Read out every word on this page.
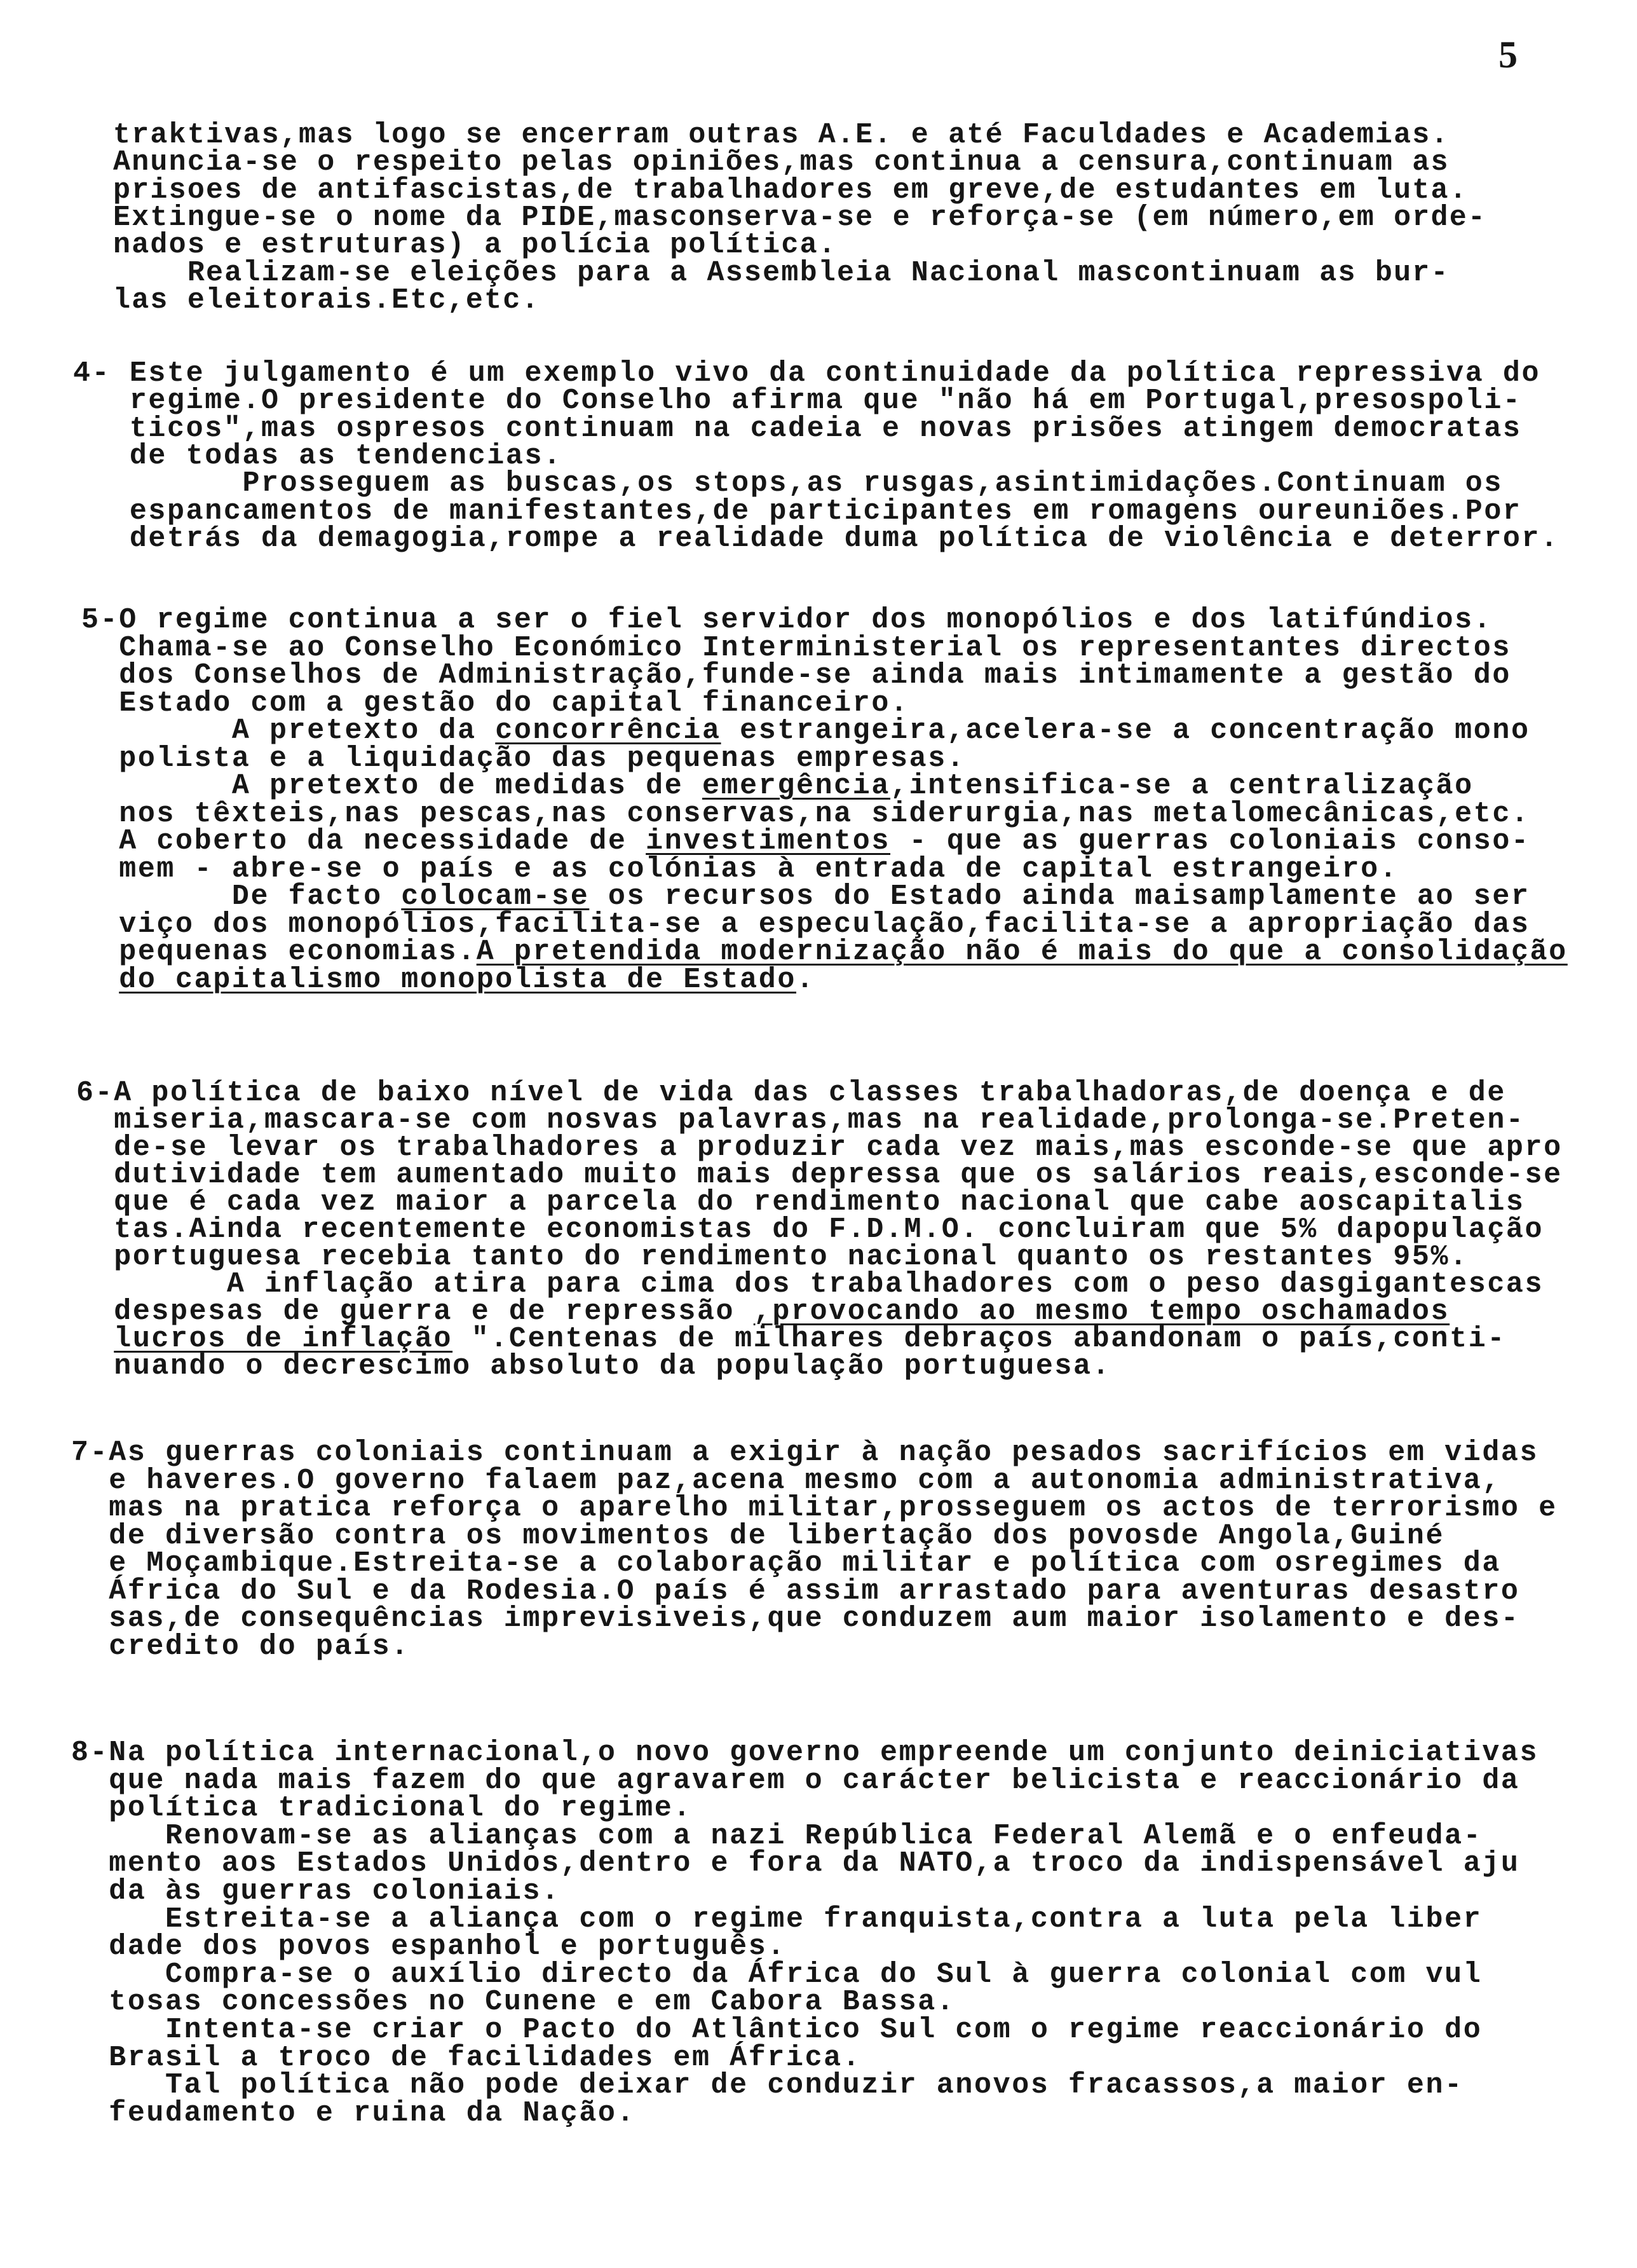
5
traktivas,mas logo se encerram outras A.E. e até Faculdades e Academias.
Anuncia-se o respeito pelas opiniões,mas continua a censura,continuam as
prisoes de antifascistas,de trabalhadores em greve,de estudantes em luta.
Extingue-se o nome da PIDE,masconserva-se e reforça-se (em número,em orde-
nados e estruturas) a polícia política.
Realizam-se eleições para a Assembleia Nacional mascontinuam as bur-
las eleitorais.Etc,etc.
4- Este julgamento é um exemplo vivo da continuidade da política repressiva do
regime.O presidente do Conselho afirma que "não há em Portugal,presospoli-
ticos",mas ospresos continuam na cadeia e novas prisões atingem democratas
de todas as tendencias.
Prosseguem as buscas,os stops,as rusgas,asintimidações.Continuam os
espancamentos de manifestantes,de participantes em romagens oureuniões.Por
detrás da demagogia,rompe a realidade duma política de violência e deterror.
5-O regime continua a ser o fiel servidor dos monopólios e dos latifúndios.
Chama-se ao Conselho Económico Interministerial os representantes directos
dos Conselhos de Administração,funde-se ainda mais intimamente a gestão do
Estado com a gestão do capital financeiro.
A pretexto da concorrência estrangeira,acelera-se a concentração mono
polista e a liquidação das pequenas empresas.
A pretexto de medidas de emergência,intensifica-se a centralização
nos têxteis,nas pescas,nas conservas,na siderurgia,nas metalomecânicas,etc.
A coberto da necessidade de investimentos - que as guerras coloniais conso-
mem - abre-se o país e as colónias à entrada de capital estrangeiro.
De facto colocam-se os recursos do Estado ainda maisamplamente ao ser
viço dos monopólios,facilita-se a especulação,facilita-se a apropriação das
pequenas economias.A pretendida modernização não é mais do que a consolidação
do capitalismo monopolista de Estado.
6-A política de baixo nível de vida das classes trabalhadoras,de doença e de
miseria,mascara-se com nosvas palavras,mas na realidade,prolonga-se.Preten-
de-se levar os trabalhadores a produzir cada vez mais,mas esconde-se que apro
dutividade tem aumentado muito mais depressa que os salários reais,esconde-se
que é cada vez maior a parcela do rendimento nacional que cabe aoscapitalis
tas.Ainda recentemente economistas do F.D.M.O. concluiram que 5% dapopulação
portuguesa recebia tanto do rendimento nacional quanto os restantes 95%.
A inflação atira para cima dos trabalhadores com o peso dasgigantescas
despesas de guerra e de repressão ,provocando ao mesmo tempo oschamados
lucros de inflação ".Centenas de milhares debraços abandonam o país,conti-
nuando o decrescimo absoluto da população portuguesa.
7-As guerras coloniais continuam a exigir à nação pesados sacrifícios em vidas
e haveres.O governo falaem paz,acena mesmo com a autonomia administrativa,
mas na pratica reforça o aparelho militar,prosseguem os actos de terrorismo e
de diversão contra os movimentos de libertação dos povosde Angola,Guiné
e Moçambique.Estreita-se a colaboração militar e política com osregimes da
África do Sul e da Rodesia.O país é assim arrastado para aventuras desastro
sas,de consequências imprevisiveis,que conduzem aum maior isolamento e des-
credito do país.
8-Na política internacional,o novo governo empreende um conjunto deiniciativas
que nada mais fazem do que agravarem o carácter belicista e reaccionário da
política tradicional do regime.
Renovam-se as alianças com a nazi República Federal Alemã e o enfeuda-
mento aos Estados Unidos,dentro e fora da NATO,a troco da indispensável aju
da às guerras coloniais.
Estreita-se a aliança com o regime franquista,contra a luta pela liber
dade dos povos espanhol e português.
Compra-se o auxílio directo da África do Sul à guerra colonial com vul
tosas concessões no Cunene e em Cabora Bassa.
Intenta-se criar o Pacto do Atlântico Sul com o regime reaccionário do
Brasil a troco de facilidades em África.
Tal política não pode deixar de conduzir anovos fracassos,a maior en-
feudamento e ruina da Nação.
